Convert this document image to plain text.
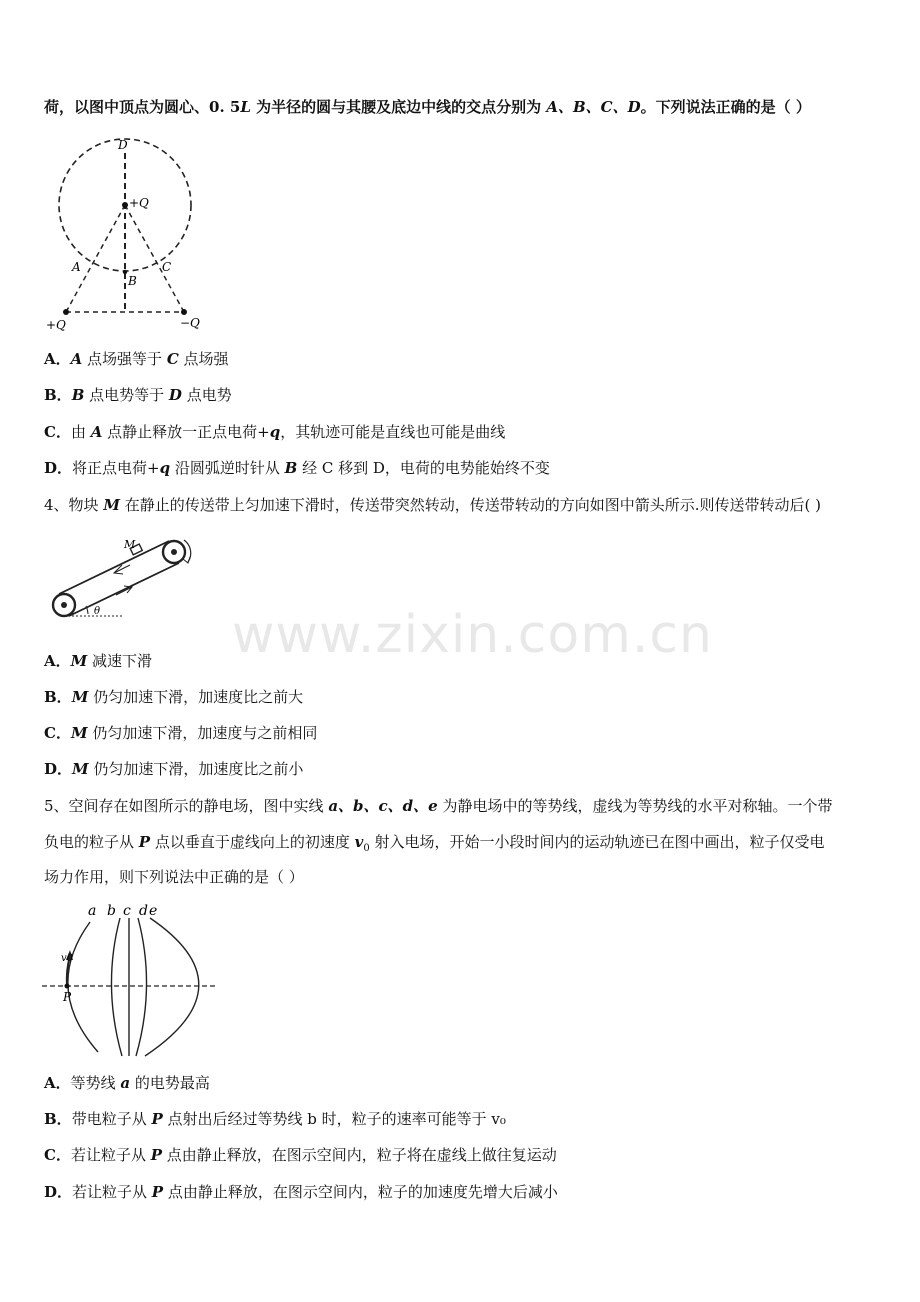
荷，以图中顶点为圆心、0. 5L 为半径的圆与其腰及底边中线的交点分别为 A、B、C、D。下列说法正确的是（ ）
D
+Q
A
B
C
+Q	−Q
A．A 点场强等于 C 点场强
B．B 点电势等于 D 点电势
C．由 A 点静止释放一正点电荷+q，其轨迹可能是直线也可能是曲线
D．将正点电荷+q 沿圆弧逆时针从 B 经 C 移到 D，电荷的电势能始终不变
4、物块 M 在静止的传送带上匀加速下滑时，传送带突然转动，传送带转动的方向如图中箭头所示.则传送带转动后( )
M
θ	www.zixin.com.cn
A．M 减速下滑
B．M 仍匀加速下滑，加速度比之前大
C．M 仍匀加速下滑，加速度与之前相同
D．M 仍匀加速下滑，加速度比之前小
5、空间存在如图所示的静电场，图中实线 a、b、c、d、e 为静电场中的等势线，虚线为等势线的水平对称轴。一个带
负电的粒子从 P 点以垂直于虚线向上的初速度 $v_0$ 射入电场，开始一小段时间内的运动轨迹已在图中画出，粒子仅受电
场力作用，则下列说法中正确的是（ ）
a b c d e
P
v0
A．等势线 a 的电势最高
B．带电粒子从 P 点射出后经过等势线 b 时，粒子的速率可能等于 v₀
C．若让粒子从 P 点由静止释放，在图示空间内，粒子将在虚线上做往复运动
D．若让粒子从 P 点由静止释放，在图示空间内，粒子的加速度先增大后减小
